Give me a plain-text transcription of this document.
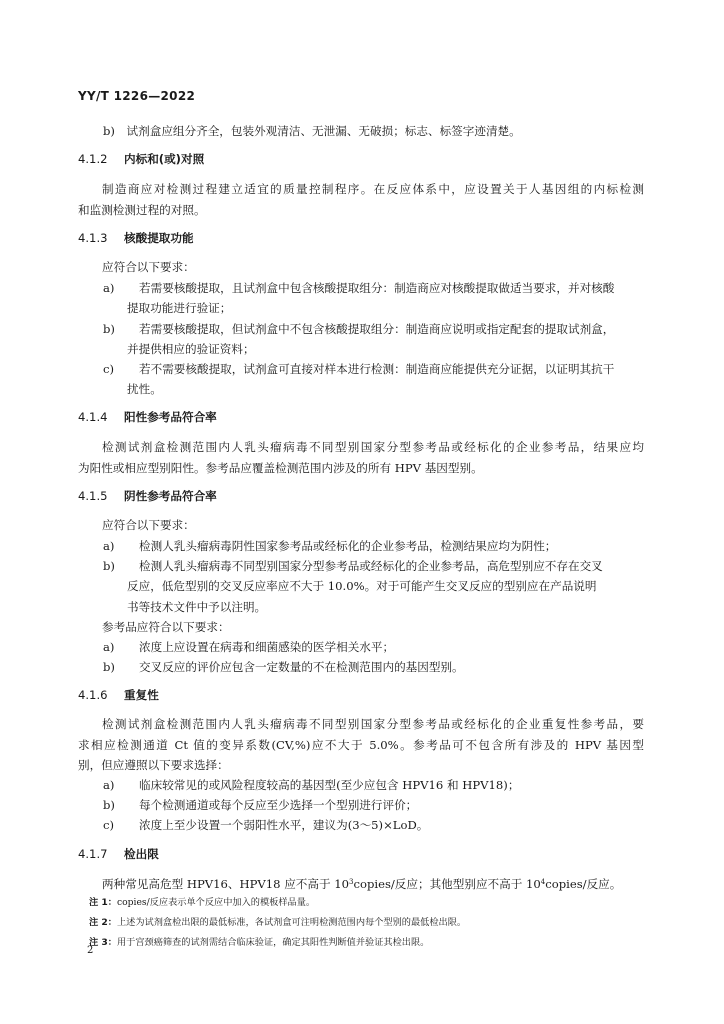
YY/T 1226—2022
b)　试剂盒应组分齐全，包装外观清洁、无泄漏、无破损；标志、标签字迹清楚。
4.1.2 内标和(或)对照
制造商应对检测过程建立适宜的质量控制程序。在反应体系中，应设置关于人基因组的内标检测
和监测检测过程的对照。
4.1.3 核酸提取功能
应符合以下要求：
a) 若需要核酸提取，且试剂盒中包含核酸提取组分：制造商应对核酸提取做适当要求，并对核酸
提取功能进行验证；
b) 若需要核酸提取，但试剂盒中不包含核酸提取组分：制造商应说明或指定配套的提取试剂盒，
并提供相应的验证资料；
c) 若不需要核酸提取，试剂盒可直接对样本进行检测：制造商应能提供充分证据，以证明其抗干
扰性。
4.1.4 阳性参考品符合率
检测试剂盒检测范围内人乳头瘤病毒不同型别国家分型参考品或经标化的企业参考品，结果应均
为阳性或相应型别阳性。参考品应覆盖检测范围内涉及的所有 HPV 基因型别。
4.1.5 阴性参考品符合率
应符合以下要求：
a) 检测人乳头瘤病毒阴性国家参考品或经标化的企业参考品，检测结果应均为阴性；
b) 检测人乳头瘤病毒不同型别国家分型参考品或经标化的企业参考品，高危型别应不存在交叉
反应，低危型别的交叉反应率应不大于 10.0%。对于可能产生交叉反应的型别应在产品说明
书等技术文件中予以注明。
参考品应符合以下要求：
a) 浓度上应设置在病毒和细菌感染的医学相关水平；
b) 交叉反应的评价应包含一定数量的不在检测范围内的基因型别。
4.1.6 重复性
检测试剂盒检测范围内人乳头瘤病毒不同型别国家分型参考品或经标化的企业重复性参考品，要
求相应检测通道 Ct 值的变异系数(CV,%)应不大于 5.0%。参考品可不包含所有涉及的 HPV 基因型
别，但应遵照以下要求选择：
a) 临床较常见的或风险程度较高的基因型(至少应包含 HPV16 和 HPV18)；
b) 每个检测通道或每个反应至少选择一个型别进行评价；
c) 浓度上至少设置一个弱阳性水平，建议为(3～5)×LoD。
4.1.7 检出限
两种常见高危型 HPV16、HPV18 应不高于 $10^3copies/$反应；其他型别应不高于 $10^4copies/$反应。
注 1：copies/反应表示单个反应中加入的模板样品量。
注 2：上述为试剂盒检出限的最低标准，各试剂盒可注明检测范围内每个型别的最低检出限。
注 3：用于宫颈癌筛查的试剂需结合临床验证，确定其阳性判断值并验证其检出限。
2
